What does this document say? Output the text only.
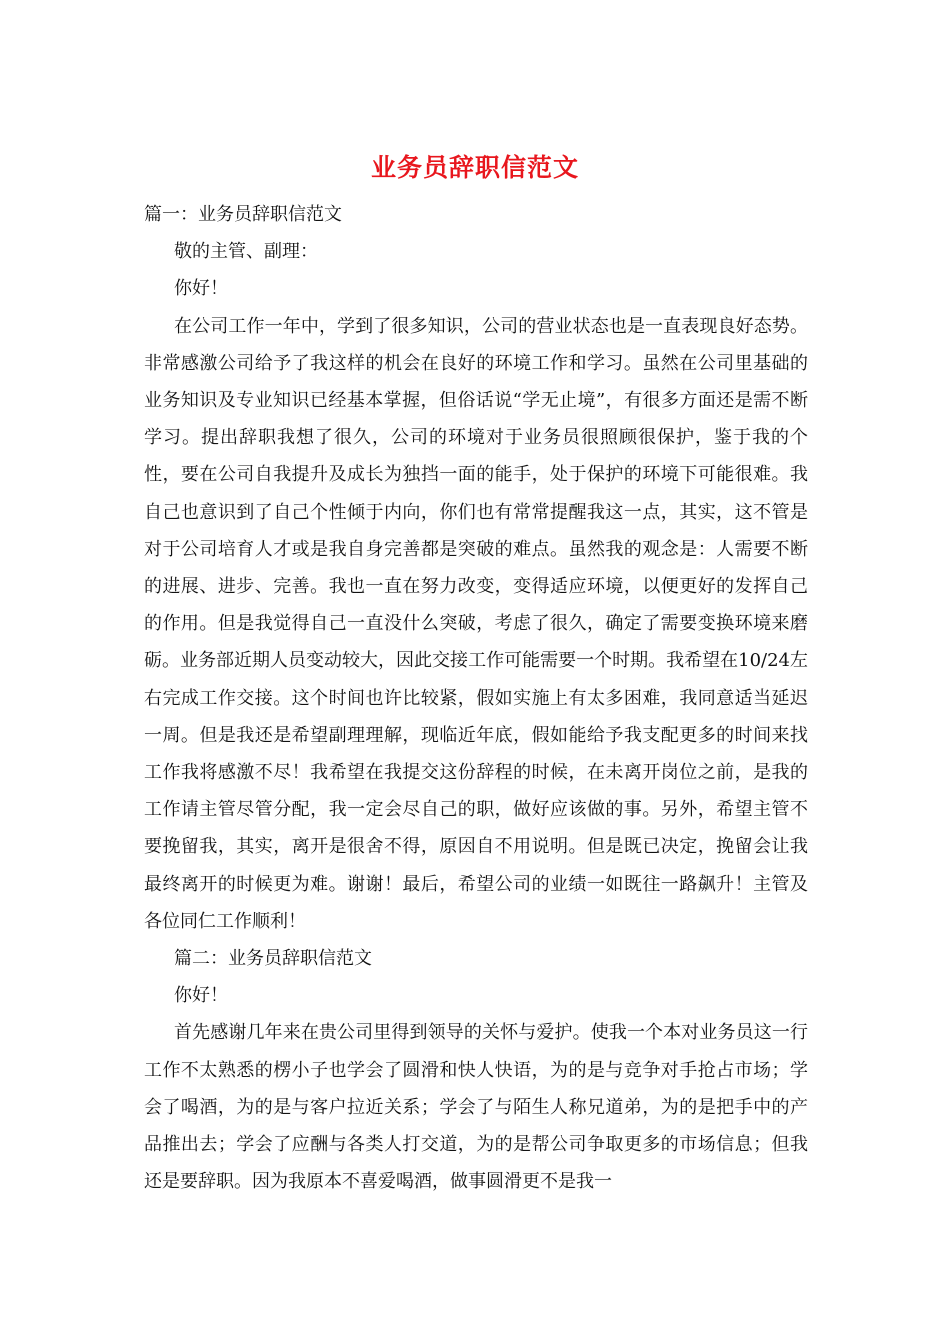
业务员辞职信范文

篇一：业务员辞职信范文

敬的主管、副理：

你好！

在公司工作一年中，学到了很多知识，公司的营业状态也是一直表现良好态势。非常感激公司给予了我这样的机会在良好的环境工作和学习。虽然在公司里基础的业务知识及专业知识已经基本掌握，但俗话说“学无止境”，有很多方面还是需不断学习。提出辞职我想了很久，公司的环境对于业务员很照顾很保护，鉴于我的个性，要在公司自我提升及成长为独挡一面的能手，处于保护的环境下可能很难。我自己也意识到了自己个性倾于内向，你们也有常常提醒我这一点，其实，这不管是对于公司培育人才或是我自身完善都是突破的难点。虽然我的观念是：人需要不断的进展、进步、完善。我也一直在努力改变，变得适应环境，以便更好的发挥自己的作用。但是我觉得自己一直没什么突破，考虑了很久，确定了需要变换环境来磨砺。业务部近期人员变动较大，因此交接工作可能需要一个时期。我希望在10/24左右完成工作交接。这个时间也许比较紧，假如实施上有太多困难，我同意适当延迟一周。但是我还是希望副理理解，现临近年底，假如能给予我支配更多的时间来找工作我将感激不尽！我希望在我提交这份辞程的时候，在未离开岗位之前，是我的工作请主管尽管分配，我一定会尽自己的职，做好应该做的事。另外，希望主管不要挽留我，其实，离开是很舍不得，原因自不用说明。但是既已决定，挽留会让我最终离开的时候更为难。谢谢！最后，希望公司的业绩一如既往一路飙升！主管及各位同仁工作顺利！

篇二：业务员辞职信范文

你好！

首先感谢几年来在贵公司里得到领导的关怀与爱护。使我一个本对业务员这一行工作不太熟悉的楞小子也学会了圆滑和快人快语，为的是与竞争对手抢占市场；学会了喝酒，为的是与客户拉近关系；学会了与陌生人称兄道弟，为的是把手中的产品推出去；学会了应酬与各类人打交道，为的是帮公司争取更多的市场信息；但我还是要辞职。因为我原本不喜爱喝酒，做事圆滑更不是我一
